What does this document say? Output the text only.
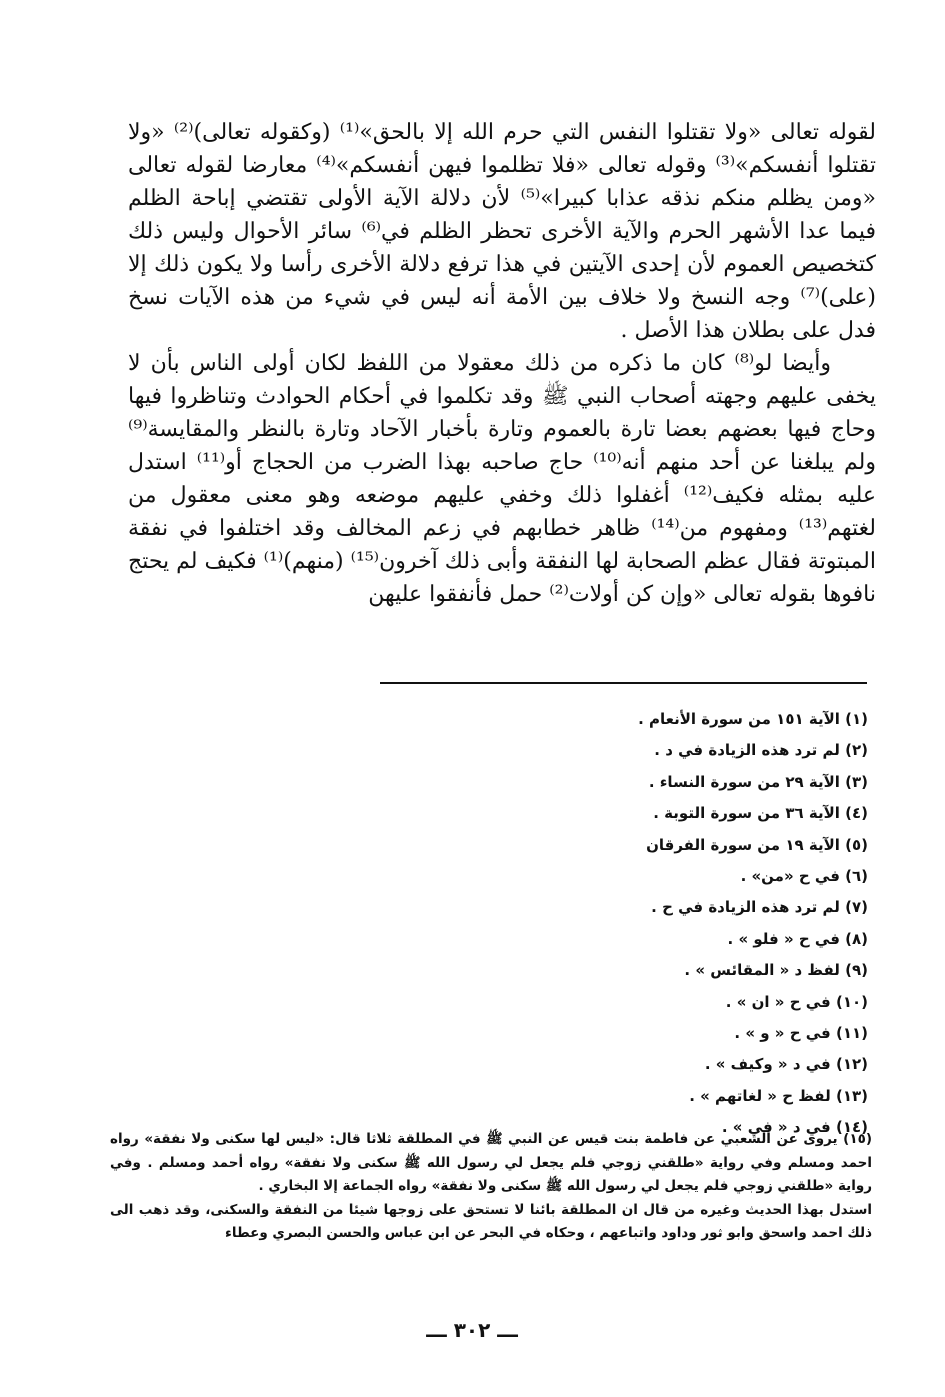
لقوله تعالى «ولا تقتلوا النفس التي حرم الله إلا بالحق»⁽¹⁾ (وكقوله تعالى)⁽²⁾ «ولا تقتلوا أنفسكم»⁽³⁾ وقوله تعالى «فلا تظلموا فيهن أنفسكم»⁽⁴⁾ معارضا لقوله تعالى «ومن يظلم منكم نذقه عذابا كبيرا»⁽⁵⁾ لأن دلالة الآية الأولى تقتضي إباحة الظلم فيما عدا الأشهر الحرم والآية الأخرى تحظر الظلم في⁽⁶⁾ سائر الأحوال وليس ذلك كتخصيص العموم لأن إحدى الآيتين في هذا ترفع دلالة الأخرى رأسا ولا يكون ذلك إلا (على)⁽⁷⁾ وجه النسخ ولا خلاف بين الأمة أنه ليس في شيء من هذه الآيات نسخ فدل على بطلان هذا الأصل .

وأيضا لو⁽⁸⁾ كان ما ذكره من ذلك معقولا من اللفظ لكان أولى الناس بأن لا يخفى عليهم وجهته أصحاب النبي ﷺ وقد تكلموا في أحكام الحوادث وتناظروا فيها وحاج فيها بعضهم بعضا تارة بالعموم وتارة بأخبار الآحاد وتارة بالنظر والمقايسة⁽⁹⁾ ولم يبلغنا عن أحد منهم أنه⁽¹⁰⁾ حاج صاحبه بهذا الضرب من الحجاج أو⁽¹¹⁾ استدل عليه بمثله فكيف⁽¹²⁾ أغفلوا ذلك وخفي عليهم موضعه وهو معنى معقول من لغتهم⁽¹³⁾ ومفهوم من⁽¹⁴⁾ ظاهر خطابهم في زعم المخالف وقد اختلفوا في نفقة المبتوتة فقال عظم الصحابة لها النفقة وأبى ذلك آخرون⁽¹⁵⁾ (منهم)⁽¹⁾ فكيف لم يحتج نافوها بقوله تعالى «وإن كن أولات⁽²⁾ حمل فأنفقوا عليهن

(١) الآية ١٥١ من سورة الأنعام .
(٢) لم ترد هذه الزيادة في د .
(٣) الآية ٢٩ من سورة النساء .
(٤) الآية ٣٦ من سورة التوبة .
(٥) الآية ١٩ من سورة الفرقان
(٦) في ح «من» .
(٧) لم ترد هذه الزيادة في ح .
(٨) في ح « فلو » .
(٩) لفظ د « المقائس » .
(١٠) في ح « ان » .
(١١) في ح « و » .
(١٢) في د « وكيف » .
(١٣) لفظ ح « لغاتهم » .
(١٤) في د « في » .

(١٥) يروى عن الشعبي عن فاطمة بنت قيس عن النبي ﷺ في المطلقة ثلاثا قال: «ليس لها سكنى ولا نفقة» رواه احمد ومسلم وفي رواية «طلقني زوجي فلم يجعل لي رسول الله ﷺ سكنى ولا نفقة» رواه أحمد ومسلم . وفي رواية «طلقني زوجي فلم يجعل لي رسول الله ﷺ سكنى ولا نفقة» رواه الجماعة إلا البخاري .

استدل بهذا الحديث وغيره من قال ان المطلقة بائنا لا تستحق على زوجها شيئا من النفقة والسكنى، وقد ذهب الى ذلك احمد واسحق وابو ثور وداود واتباعهم ، وحكاه في البحر عن ابن عباس والحسن البصري وعطاء

ـــ ٣٠٢ ـــ
